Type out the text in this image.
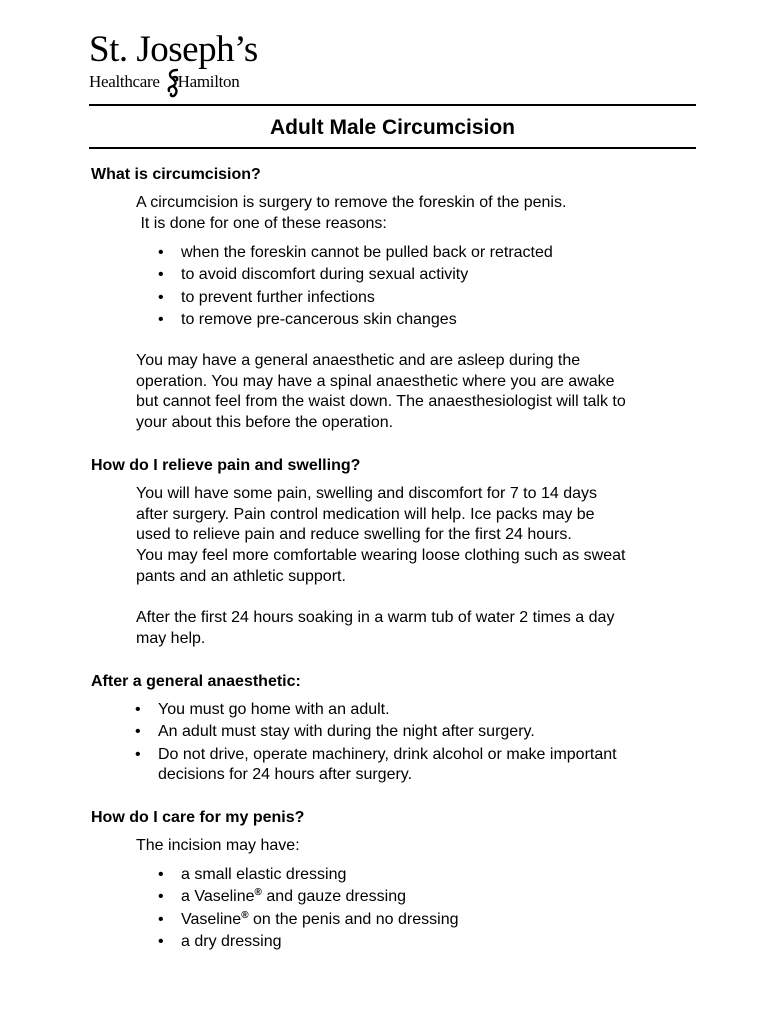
St. Joseph’s
Healthcare Hamilton
Adult Male Circumcision
What is circumcision?
A circumcision is surgery to remove the foreskin of the penis.
It is done for one of these reasons:
• when the foreskin cannot be pulled back or retracted
• to avoid discomfort during sexual activity
• to prevent further infections
• to remove pre-cancerous skin changes
You may have a general anaesthetic and are asleep during the
operation. You may have a spinal anaesthetic where you are awake
but cannot feel from the waist down. The anaesthesiologist will talk to
your about this before the operation.
How do I relieve pain and swelling?
You will have some pain, swelling and discomfort for 7 to 14 days
after surgery. Pain control medication will help. Ice packs may be
used to relieve pain and reduce swelling for the first 24 hours.
You may feel more comfortable wearing loose clothing such as sweat
pants and an athletic support.
After the first 24 hours soaking in a warm tub of water 2 times a day
may help.
After a general anaesthetic:
• You must go home with an adult.
• An adult must stay with during the night after surgery.
• Do not drive, operate machinery, drink alcohol or make important
decisions for 24 hours after surgery.
How do I care for my penis?
The incision may have:
• a small elastic dressing
• a Vaseline® and gauze dressing
• Vaseline® on the penis and no dressing
• a dry dressing
